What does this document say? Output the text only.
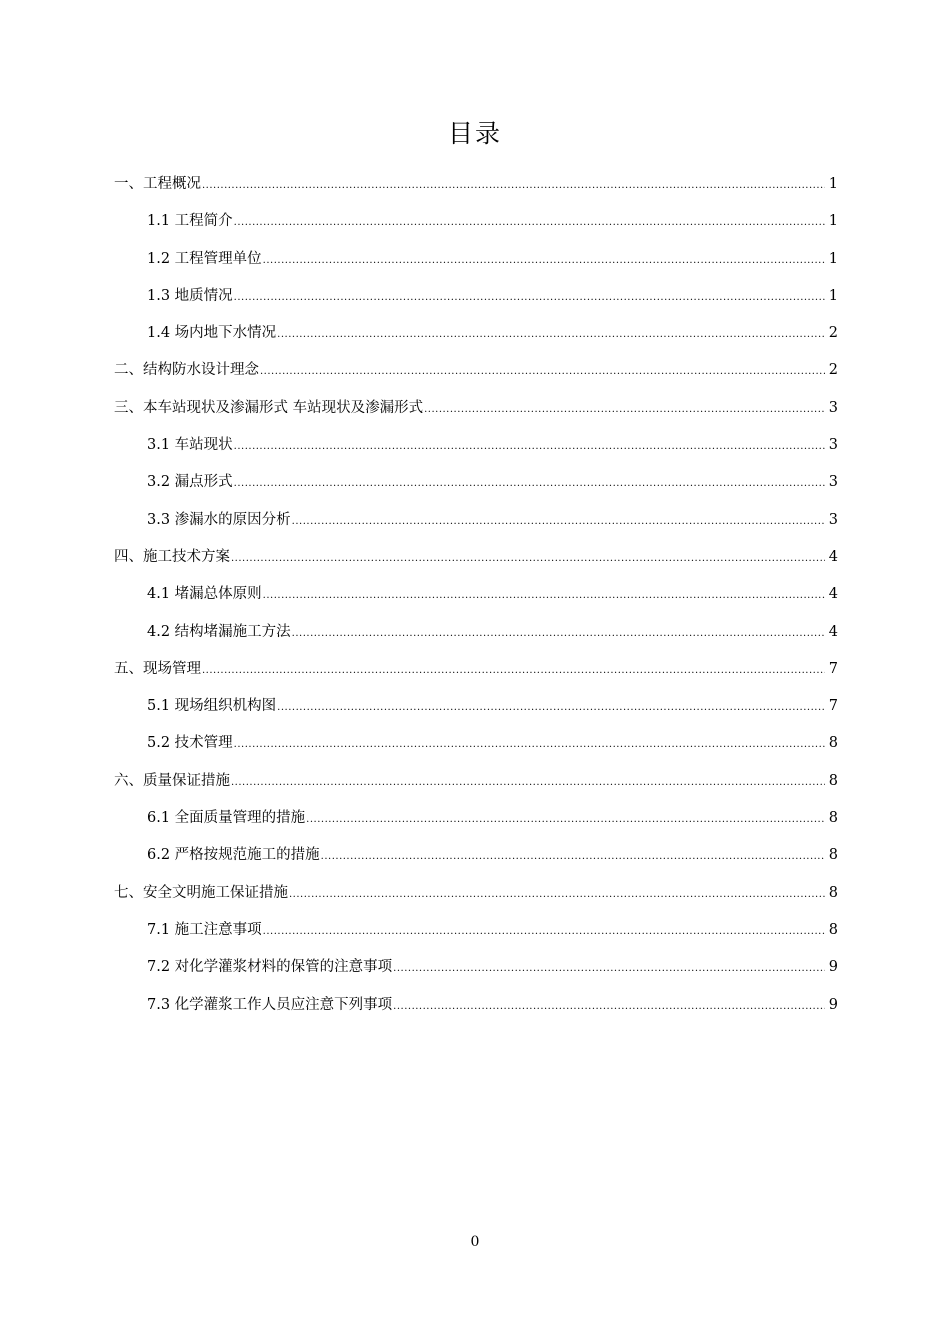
目录
一、工程概况 .....	1
1.1 工程简介 .....	1
1.2 工程管理单位 .....	1
1.3 地质情况 .....	1
1.4 场内地下水情况 .....	2
二、结构防水设计理念 .....	2
三、本车站现状及渗漏形式 车站现状及渗漏形式 .....	3
3.1 车站现状 .....	3
3.2 漏点形式 .....	3
3.3 渗漏水的原因分析 .....	3
四、施工技术方案 .....	4
4.1 堵漏总体原则 .....	4
4.2 结构堵漏施工方法 .....	4
五、现场管理 .....	7
5.1 现场组织机构图 .....	7
5.2 技术管理 .....	8
六、质量保证措施 .....	8
6.1 全面质量管理的措施 .....	8
6.2 严格按规范施工的措施 .....	8
七、安全文明施工保证措施 .....	8
7.1 施工注意事项 .....	8
7.2 对化学灌浆材料的保管的注意事项 .....	9
7.3 化学灌浆工作人员应注意下列事项 .....	9
0
